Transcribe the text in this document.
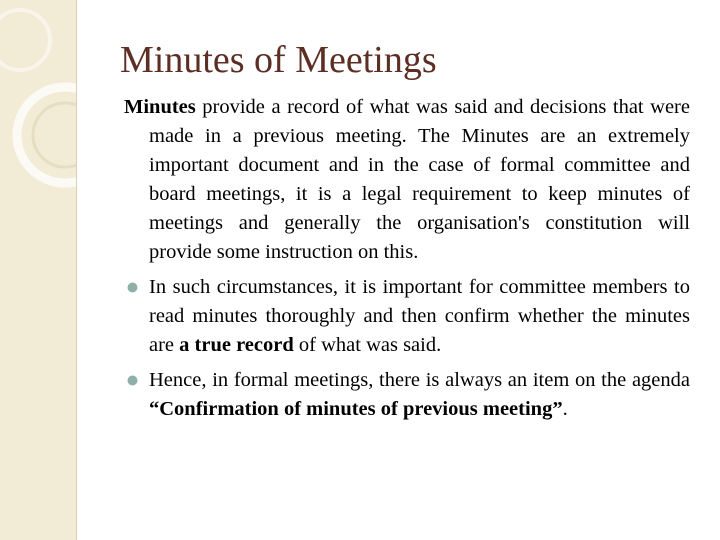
Minutes of Meetings

Minutes provide a record of what was said and decisions that were made in a previous meeting. The Minutes are an extremely important document and in the case of formal committee and board meetings, it is a legal requirement to keep minutes of meetings and generally the organisation's constitution will provide some instruction on this.

In such circumstances, it is important for committee members to read minutes thoroughly and then confirm whether the minutes are a true record of what was said.

Hence, in formal meetings, there is always an item on the agenda “Confirmation of minutes of previous meeting”.
